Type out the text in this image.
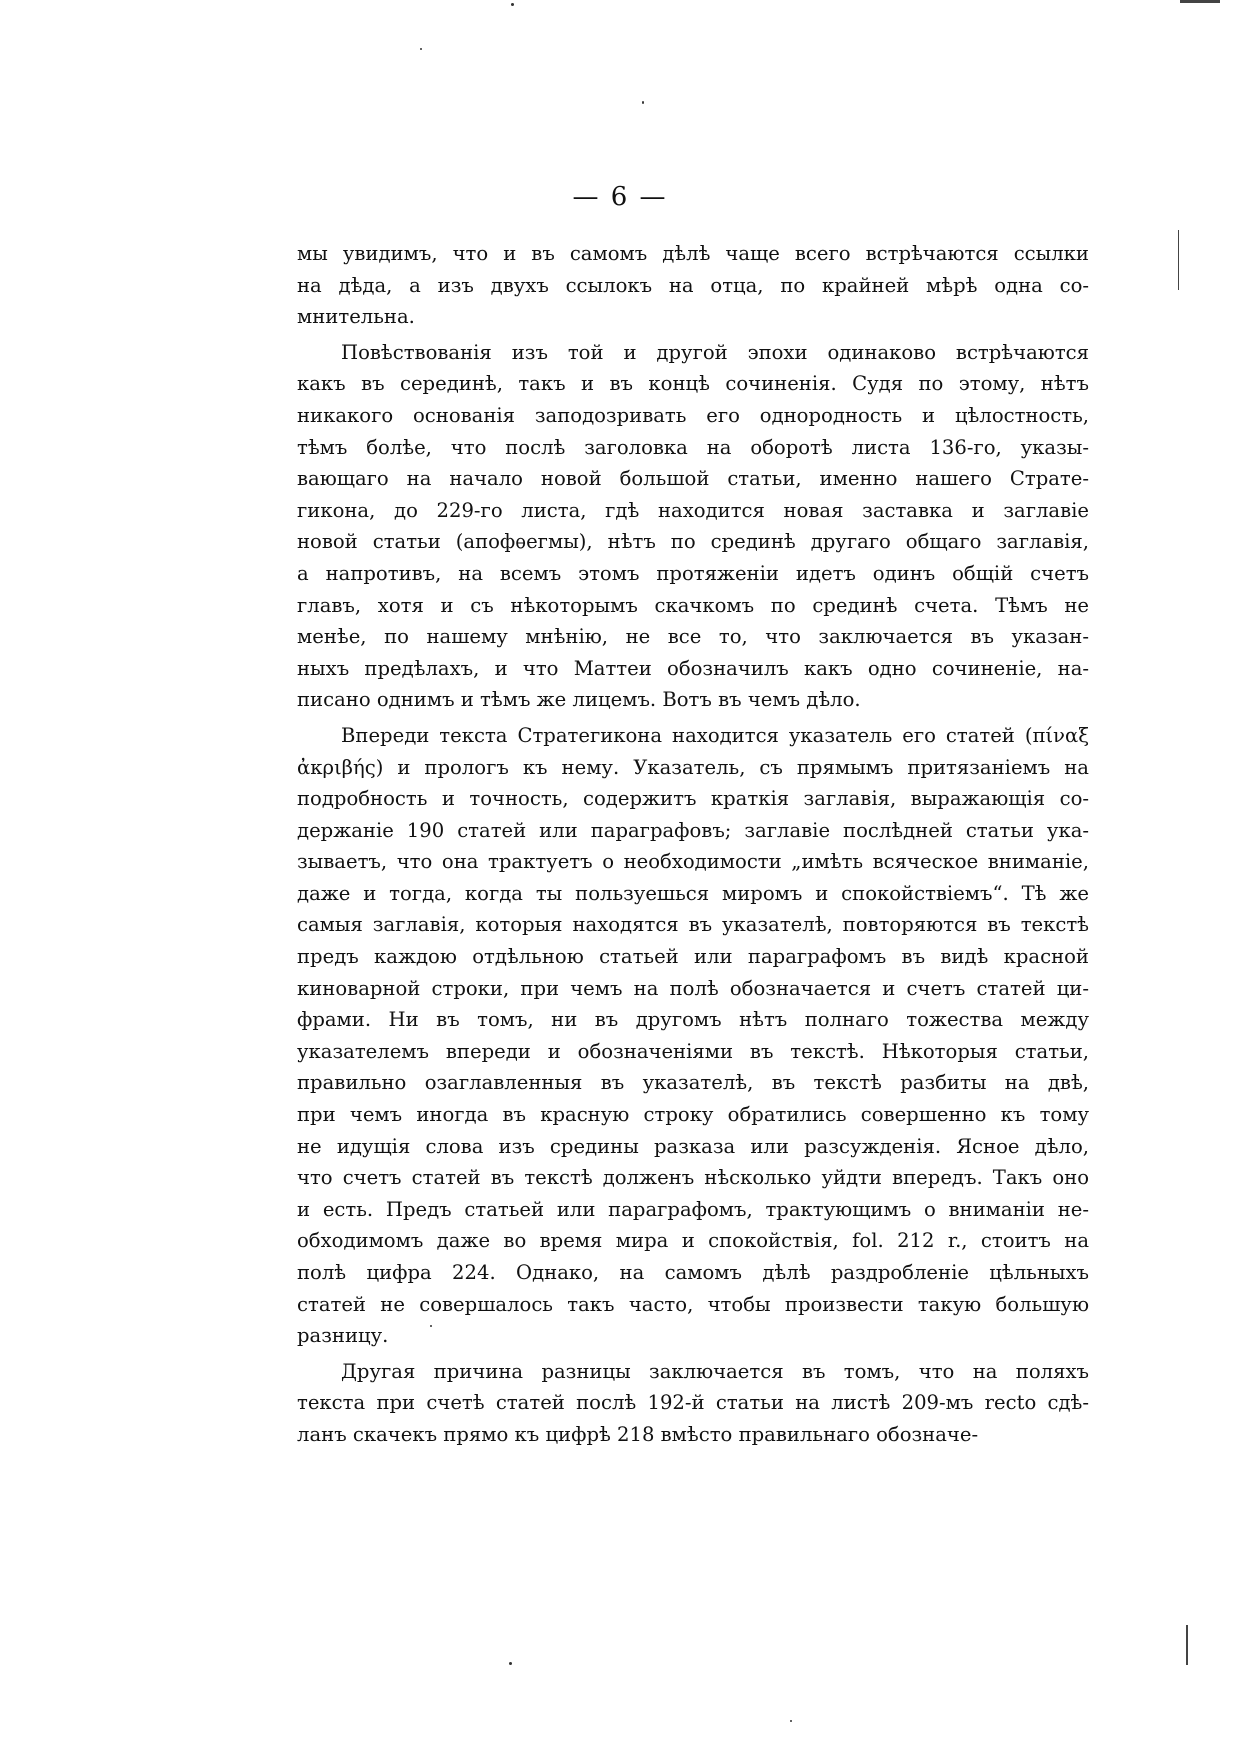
— 6 —
мы увидимъ, что и въ самомъ дѣлѣ чаще всего встрѣчаются ссылки
на дѣда, а изъ двухъ ссылокъ на отца, по крайней мѣрѣ одна со-
мнительна.
Повѣствованія изъ той и другой эпохи одинаково встрѣчаются
какъ въ серединѣ, такъ и въ концѣ сочиненія. Судя по этому, нѣтъ
никакого основанія заподозривать его однородность и цѣлостность,
тѣмъ болѣе, что послѣ заголовка на оборотѣ листа 136-го, указы-
вающаго на начало новой большой статьи, именно нашего Страте-
гикона, до 229-го листа, гдѣ находится новая заставка и заглавіе
новой статьи (апофѳегмы), нѣтъ по срединѣ другаго общаго заглавія,
а напротивъ, на всемъ этомъ протяженіи идетъ одинъ общій счетъ
главъ, хотя и съ нѣкоторымъ скачкомъ по срединѣ счета. Тѣмъ не
менѣе, по нашему мнѣнію, не все то, что заключается въ указан-
ныхъ предѣлахъ, и что Маттеи обозначилъ какъ одно сочиненіе, на-
писано однимъ и тѣмъ же лицемъ. Вотъ въ чемъ дѣло.
Впереди текста Стратегикона находится указатель его статей (πίναξ
ἀκριβής) и прологъ къ нему. Указатель, съ прямымъ притязаніемъ на
подробность и точность, содержитъ краткія заглавія, выражающія со-
держаніе 190 статей или параграфовъ; заглавіе послѣдней статьи ука-
зываетъ, что она трактуетъ о необходимости „имѣть всяческое вниманіе,
даже и тогда, когда ты пользуешься миромъ и спокойствіемъ“. Тѣ же
самыя заглавія, которыя находятся въ указателѣ, повторяются въ текстѣ
предъ каждою отдѣльною статьей или параграфомъ въ видѣ красной
киноварной строки, при чемъ на полѣ обозначается и счетъ статей ци-
фрами. Ни въ томъ, ни въ другомъ нѣтъ полнаго тожества между
указателемъ впереди и обозначеніями въ текстѣ. Нѣкоторыя статьи,
правильно озаглавленныя въ указателѣ, въ текстѣ разбиты на двѣ,
при чемъ иногда въ красную строку обратились совершенно къ тому
не идущія слова изъ средины разказа или разсужденія. Ясное дѣло,
что счетъ статей въ текстѣ долженъ нѣсколько уйдти впередъ. Такъ оно
и есть. Предъ статьей или параграфомъ, трактующимъ о вниманіи не-
обходимомъ даже во время мира и спокойствія, fol. 212 r., стоитъ на
полѣ цифра 224. Однако, на самомъ дѣлѣ раздробленіе цѣльныхъ
статей не совершалось такъ часто, чтобы произвести такую большую
разницу.
Другая причина разницы заключается въ томъ, что на поляхъ
текста при счетѣ статей послѣ 192-й статьи на листѣ 209-мъ recto сдѣ-
ланъ скачекъ прямо къ цифрѣ 218 вмѣсто правильнаго обозначе-
